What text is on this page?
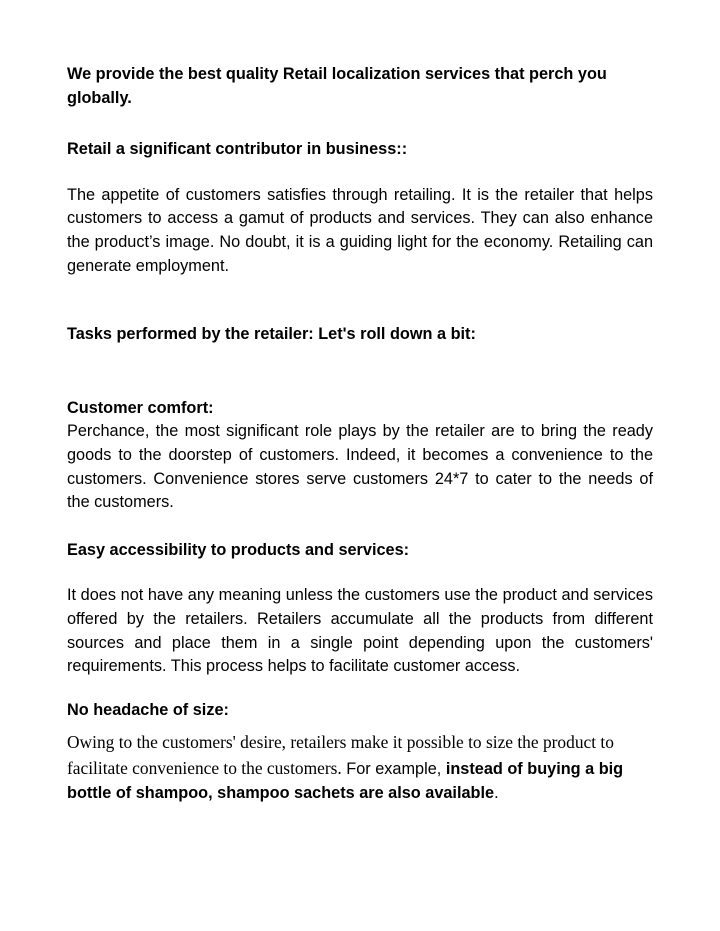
We provide the best quality Retail localization services that perch you globally.

Retail a significant contributor in business::

The appetite of customers satisfies through retailing. It is the retailer that helps customers to access a gamut of products and services. They can also enhance the product’s image. No doubt, it is a guiding light for the economy. Retailing can generate employment.

Tasks performed by the retailer: Let's roll down a bit:

Customer comfort:

Perchance, the most significant role plays by the retailer are to bring the ready goods to the doorstep of customers. Indeed, it becomes a convenience to the customers. Convenience stores serve customers 24*7 to cater to the needs of the customers.

Easy accessibility to products and services:

It does not have any meaning unless the customers use the product and services offered by the retailers. Retailers accumulate all the products from different sources and place them in a single point depending upon the customers' requirements. This process helps to facilitate customer access.

No headache of size:

Owing to the customers' desire, retailers make it possible to size the product to facilitate convenience to the customers. For example, instead of buying a big bottle of shampoo, shampoo sachets are also available.
